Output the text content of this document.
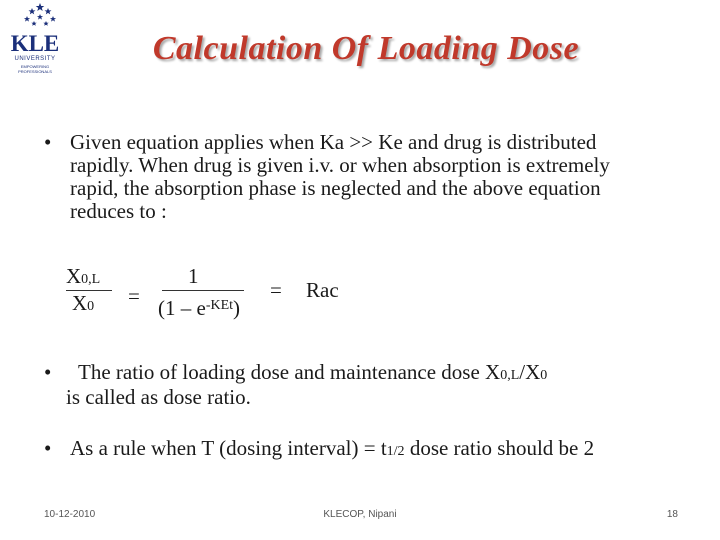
KLE
UNIVERSITY
EMPOWERING PROFESSIONALS
Calculation Of Loading Dose
• Given equation applies when Ka >> Ke and drug is distributed rapidly. When drug is given i.v. or when absorption is extremely rapid, the absorption phase is neglected and the above equation reduces to :
X0,L
X0 =
1
$(1 - e^{-KEt})$
= Rac
• The ratio of loading dose and maintenance dose X0,L/X0
is called as dose ratio.
• As a rule when T (dosing interval) = t1/2 dose ratio should be 2
10-12-2010	KLECOP, Nipani	18
